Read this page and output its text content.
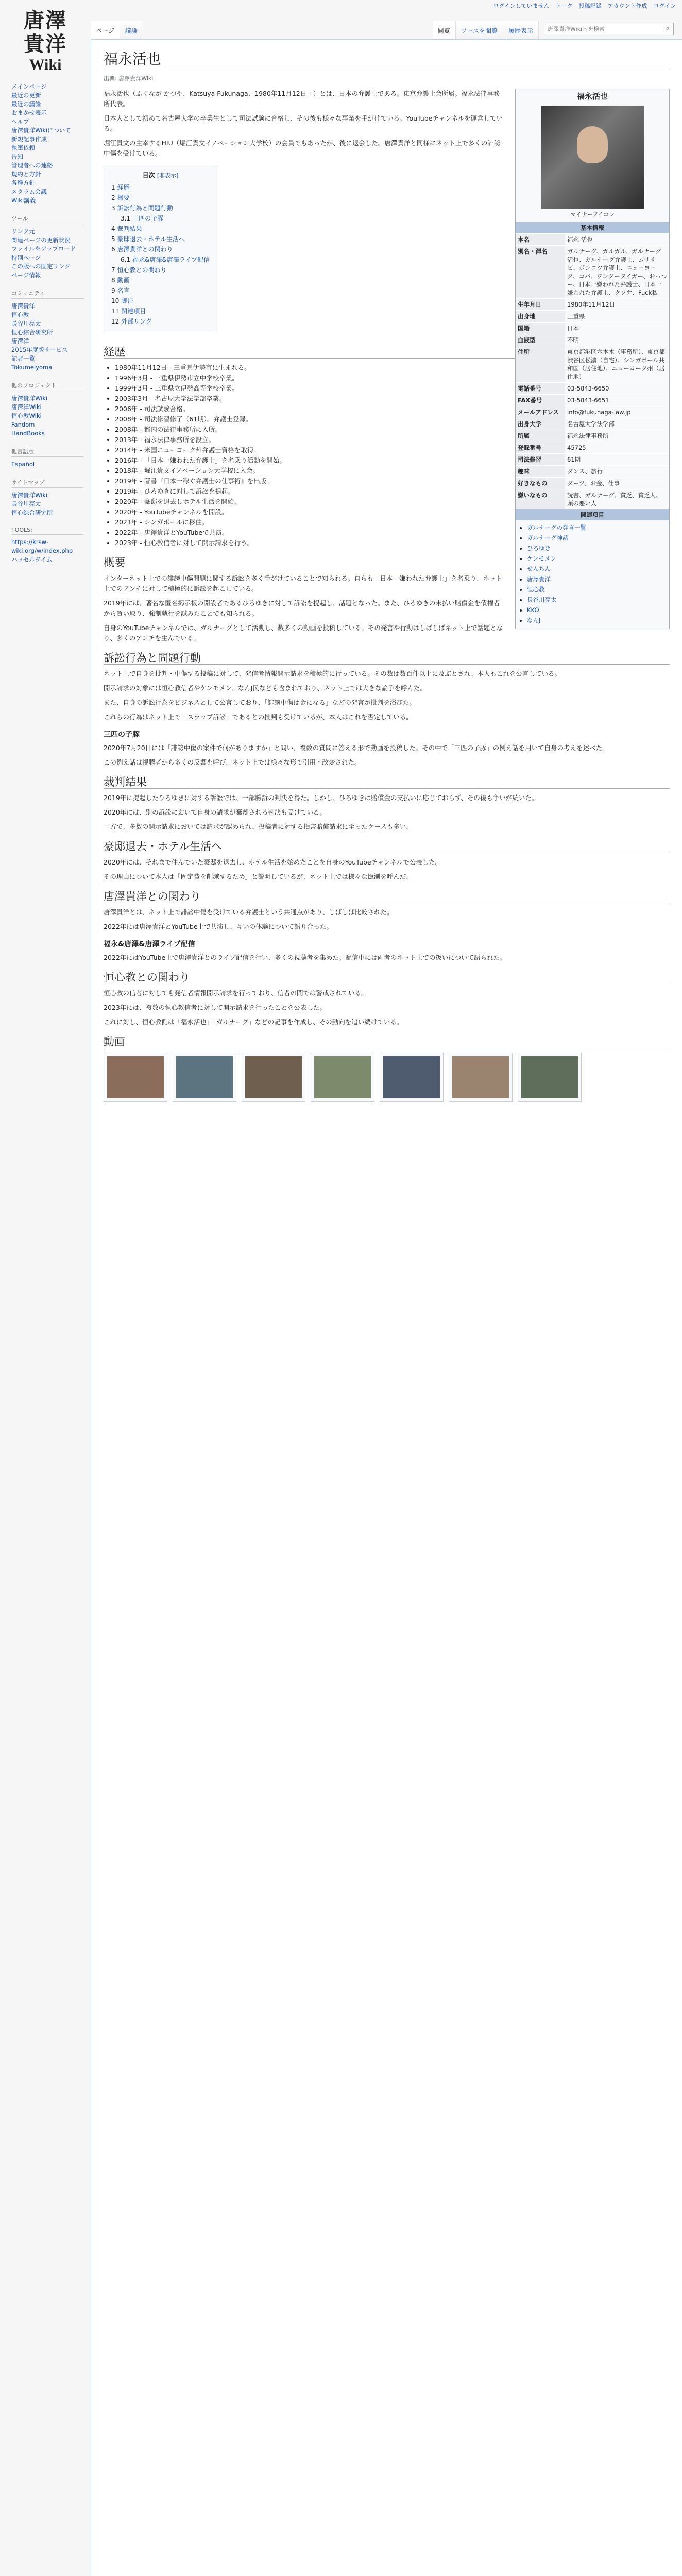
ログインしていません トーク 投稿記録 アカウント作成 ログイン
唐澤
貴洋
Wiki
メインページ
最近の更新
最近の議論
おまかせ表示
ヘルプ
唐澤貴洋Wikiについて
新規記事作成
執筆依頼
告知
管理者への連絡
規約と方針
各種方針
スクラム会議
Wiki講義
ツール
リンク元
関連ページの更新状況
ファイルをアップロード
特別ページ
この版への固定リンク
ページ情報
コミュニティ
唐澤貴洋
恒心教
長谷川亮太
恒心綜合研究所
唐澤洋
2015年度版サービス
記者一覧
Tokumeiyoma
他のプロジェクト
唐澤貴洋Wiki
唐澤洋Wiki
恒心教Wiki
Fandom
HandBooks
他言語版
Español
サイトマップ
唐澤貴洋Wiki
長谷川亮太
恒心綜合研究所
TOOLS:
https://krsw-wiki.org/w/index.php
ハッセルタイム
ページ	議論	閲覧	ソースを閲覧	履歴表示
唐澤貴洋Wiki内を検索	⌕
福永活也
出典: 唐澤貴洋Wiki
福永活也
マイナーアイコン
基本情報
本名	福永 活也
別名・渾名	ガルナーグ、ガルガル、ガルナーグ活也、ガルナーグ弁護士、ムササビ、ポンコツ弁護士、ニューヨーク、コバ、ワンダータイガー、おっつー、日本一嫌われた弁護士、日本一嫌われた弁護士、クソ弁、Fuck私
生年月日	1980年11月12日
出身地	三重県
国籍	日本
血液型	不明
住所	東京都港区六本木（事務所）、東京都渋谷区松濤（自宅）、シンガポール共和国（居住地）、ニューヨーク州（居住地）
電話番号	03-5843-6650
FAX番号	03-5843-6651
メールアドレス	info@fukunaga-law.jp
出身大学	名古屋大学法学部
所属	福永法律事務所
登録番号	45725
司法修習	61期
趣味	ダンス、旅行
好きなもの	ダーツ、お金、仕事
嫌いなもの	読書、ガルナーグ、貧乏、貧乏人、頭の悪い人
関連項目
• ガルナーグの発言一覧
• ガルナーグ神話
• ひろゆき
• ケンモメン
• せんちん
• 唐澤貴洋
• 恒心教
• 長谷川亮太
• KKO
• なんJ

福永活也（ふくなが かつや、Katsuya Fukunaga、1980年11月12日 - ）とは、日本の弁護士である。東京弁護士会所属。福永法律事務所代表。

日本人として初めて名古屋大学の卒業生として司法試験に合格し、その後も様々な事業を手がけている。YouTubeチャンネルを運営している。

堀江貴文の主宰するHIU（堀江貴文イノベーション大学校）の会員でもあったが、後に退会した。唐澤貴洋と同様にネット上で多くの誹謗中傷を受けている。

目次 [非表示]
1 経歴
2 概要
3 訴訟行為と問題行動
3.1 三匹の子豚
4 裁判結果
5 豪邸退去・ホテル生活へ
6 唐澤貴洋との関わり
6.1 福永&唐澤&唐澤ライブ配信
7 恒心教との関わり
8 動画
9 名言
10 脚注
11 関連項目
12 外部リンク
経歴
• 1980年11月12日 - 三重県伊勢市に生まれる。
• 1996年3月 - 三重県伊勢市立中学校卒業。
• 1999年3月 - 三重県立伊勢高等学校卒業。
• 2003年3月 - 名古屋大学法学部卒業。
• 2006年 - 司法試験合格。
• 2008年 - 司法修習修了（61期）。弁護士登録。
• 2008年 - 都内の法律事務所に入所。
• 2013年 - 福永法律事務所を設立。
• 2014年 - 米国ニューヨーク州弁護士資格を取得。
• 2016年 - 「日本一嫌われた弁護士」を名乗り活動を開始。
• 2018年 - 堀江貴文イノベーション大学校に入会。
• 2019年 - 著書『日本一稼ぐ弁護士の仕事術』を出版。
• 2019年 - ひろゆきに対して訴訟を提起。
• 2020年 - 豪邸を退去しホテル生活を開始。
• 2020年 - YouTubeチャンネルを開設。
• 2021年 - シンガポールに移住。
• 2022年 - 唐澤貴洋とYouTubeで共演。
• 2023年 - 恒心教信者に対して開示請求を行う。
概要

インターネット上での誹謗中傷問題に関する訴訟を多く手がけていることで知られる。自らも「日本一嫌われた弁護士」を名乗り、ネット上でのアンチに対して積極的に訴訟を起こしている。

2019年には、著名な匿名掲示板の開設者であるひろゆきに対して訴訟を提起し、話題となった。また、ひろゆきの未払い賠償金を債権者から買い取り、強制執行を試みたことでも知られる。

自身のYouTubeチャンネルでは、ガルナーグとして活動し、数多くの動画を投稿している。その発言や行動はしばしばネット上で話題となり、多くのアンチを生んでいる。

訴訟行為と問題行動

ネット上で自身を批判・中傷する投稿に対して、発信者情報開示請求を積極的に行っている。その数は数百件以上に及ぶとされ、本人もこれを公言している。

開示請求の対象には恒心教信者やケンモメン、なんJ民なども含まれており、ネット上では大きな論争を呼んだ。

また、自身の訴訟行為をビジネスとして公言しており、「誹謗中傷は金になる」などの発言が批判を浴びた。

これらの行為はネット上で「スラップ訴訟」であるとの批判も受けているが、本人はこれを否定している。

三匹の子豚

2020年7月20日には「誹謗中傷の案件で何がありますか」と問い、複数の質問に答える形で動画を投稿した。その中で「三匹の子豚」の例え話を用いて自身の考えを述べた。

この例え話は視聴者から多くの反響を呼び、ネット上では様々な形で引用・改変された。

裁判結果

2019年に提起したひろゆきに対する訴訟では、一部勝訴の判決を得た。しかし、ひろゆきは賠償金の支払いに応じておらず、その後も争いが続いた。

2020年には、別の訴訟において自身の請求が棄却される判決も受けている。

一方で、多数の開示請求においては請求が認められ、投稿者に対する損害賠償請求に至ったケースも多い。

豪邸退去・ホテル生活へ

2020年には、それまで住んでいた豪邸を退去し、ホテル生活を始めたことを自身のYouTubeチャンネルで公表した。

その理由について本人は「固定費を削減するため」と説明しているが、ネット上では様々な憶測を呼んだ。

唐澤貴洋との関わり

唐澤貴洋とは、ネット上で誹謗中傷を受けている弁護士という共通点があり、しばしば比較された。

2022年には唐澤貴洋とYouTube上で共演し、互いの体験について語り合った。

福永&唐澤&唐澤ライブ配信

2022年にはYouTube上で唐澤貴洋とのライブ配信を行い、多くの視聴者を集めた。配信中には両者のネット上での扱いについて語られた。

恒心教との関わり

恒心教の信者に対しても発信者情報開示請求を行っており、信者の間では警戒されている。

2023年には、複数の恒心教信者に対して開示請求を行ったことを公表した。

これに対し、恒心教側は「福永活也」「ガルナーグ」などの記事を作成し、その動向を追い続けている。

動画
